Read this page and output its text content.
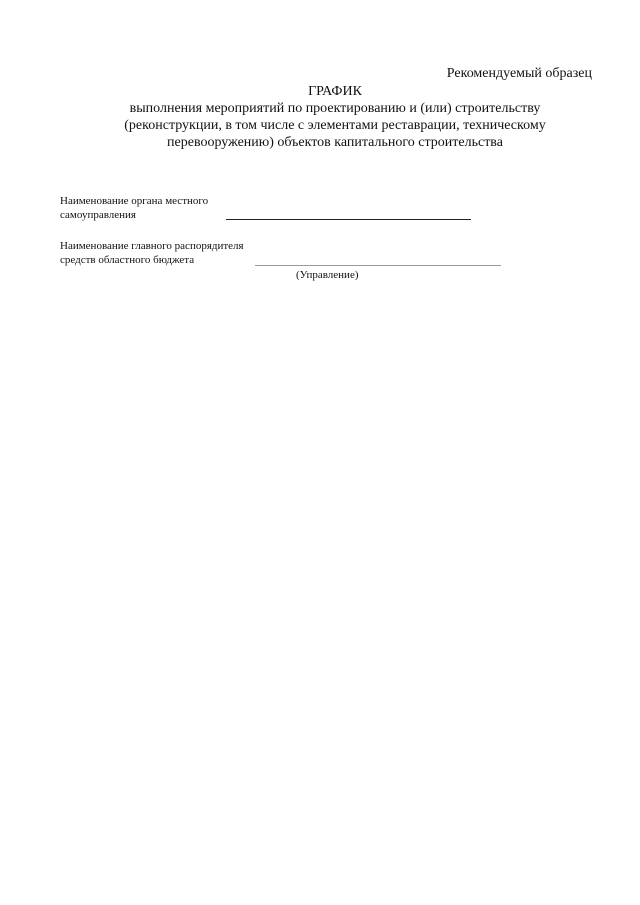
Рекомендуемый образец
ГРАФИК
выполнения мероприятий по проектированию и (или) строительству
(реконструкции, в том числе с элементами реставрации, техническому
перевооружению) объектов капитального строительства
Наименование органа местного
самоуправления
Наименование главного распорядителя
средств областного бюджета
(Управление)
